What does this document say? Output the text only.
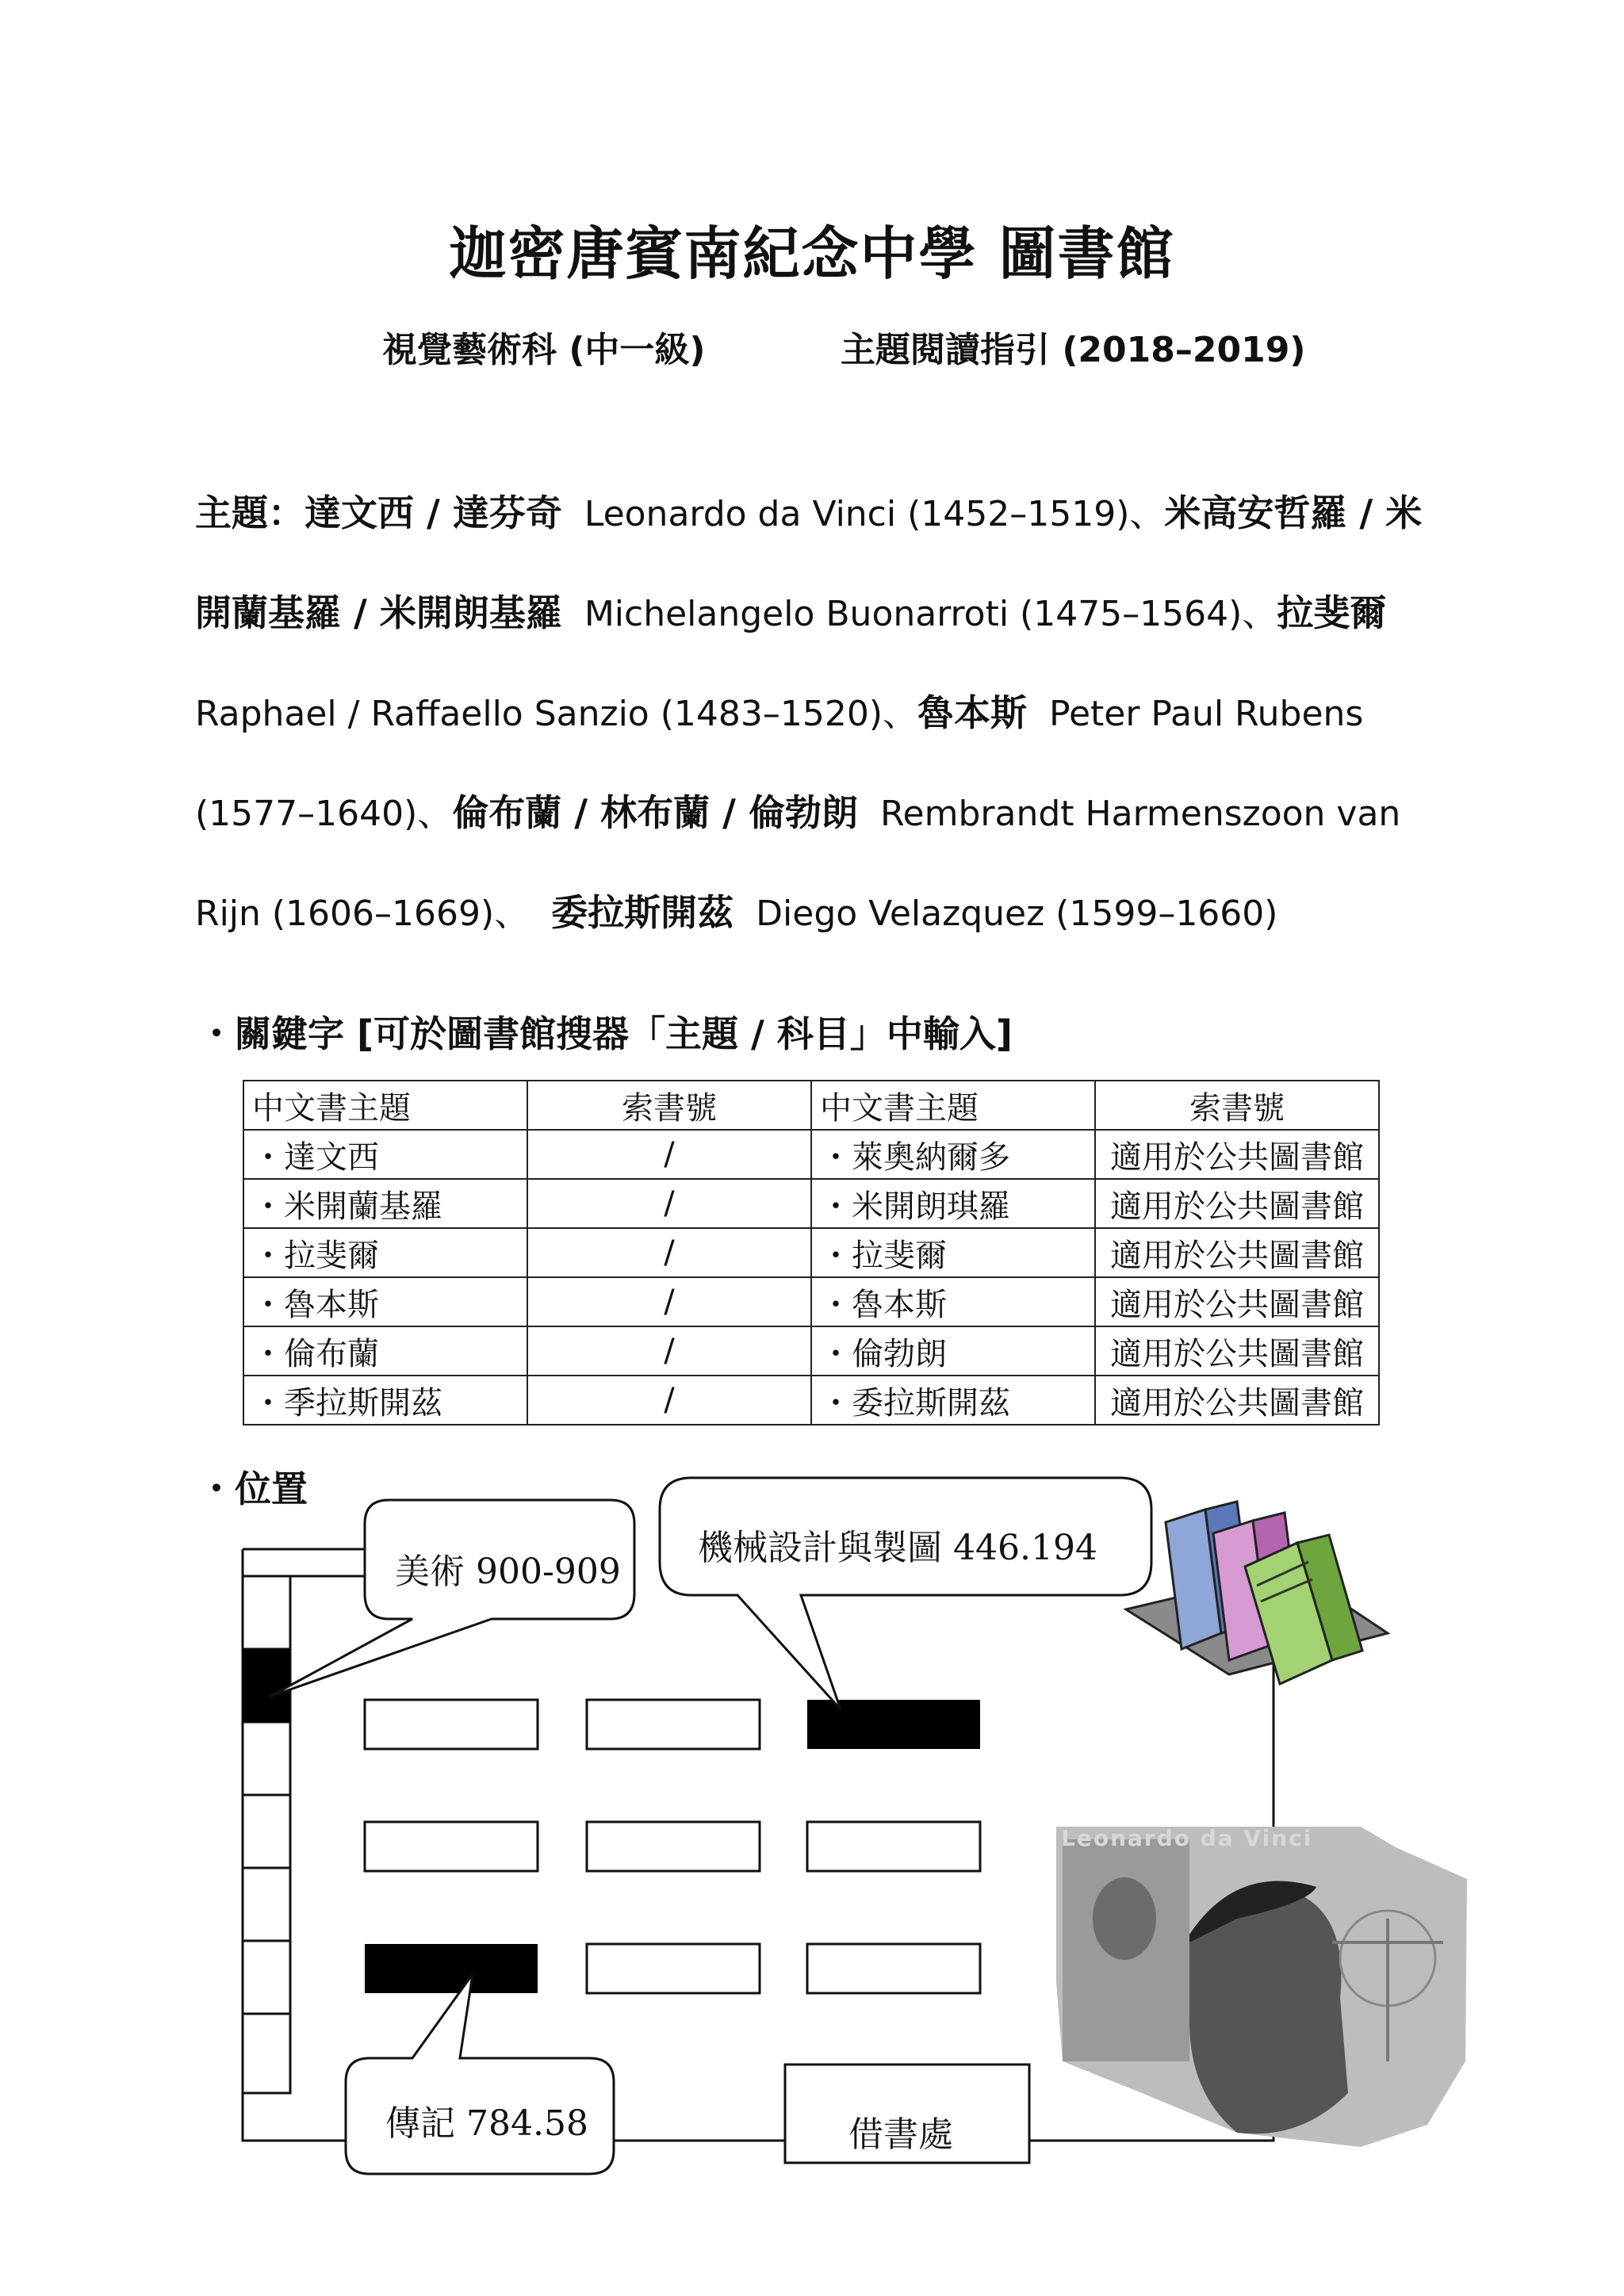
迦密唐賓南紀念中學 圖書館
視覺藝術科 (中一級)	主題閱讀指引 (2018–2019)
主題：達文西 / 達芬奇 Leonardo da Vinci (1452–1519)、米高安哲羅 / 米開蘭基羅 / 米開朗基羅 Michelangelo Buonarroti (1475–1564)、拉斐爾  Raphael / Raffaello Sanzio (1483–1520)、魯本斯 Peter Paul Rubens (1577–1640)、倫布蘭 / 林布蘭 / 倫勃朗 Rembrandt Harmenszoon van Rijn (1606–1669)、 委拉斯開茲 Diego Velazquez (1599–1660)
・關鍵字 [可於圖書館搜器「主題 / 科目」中輸入]
中文書主題	索書號	中文書主題	索書號
・達文西	/	・萊奧納爾多	適用於公共圖書館
・米開蘭基羅	/	・米開朗琪羅	適用於公共圖書館
・拉斐爾	/	・拉斐爾	適用於公共圖書館
・魯本斯	/	・魯本斯	適用於公共圖書館
・倫布蘭	/	・倫勃朗	適用於公共圖書館
・季拉斯開茲	/	・委拉斯開茲	適用於公共圖書館
・位置
美術 900-909
機械設計與製圖 446.194
傳記 784.58	借書處
Leonardo da Vinci
